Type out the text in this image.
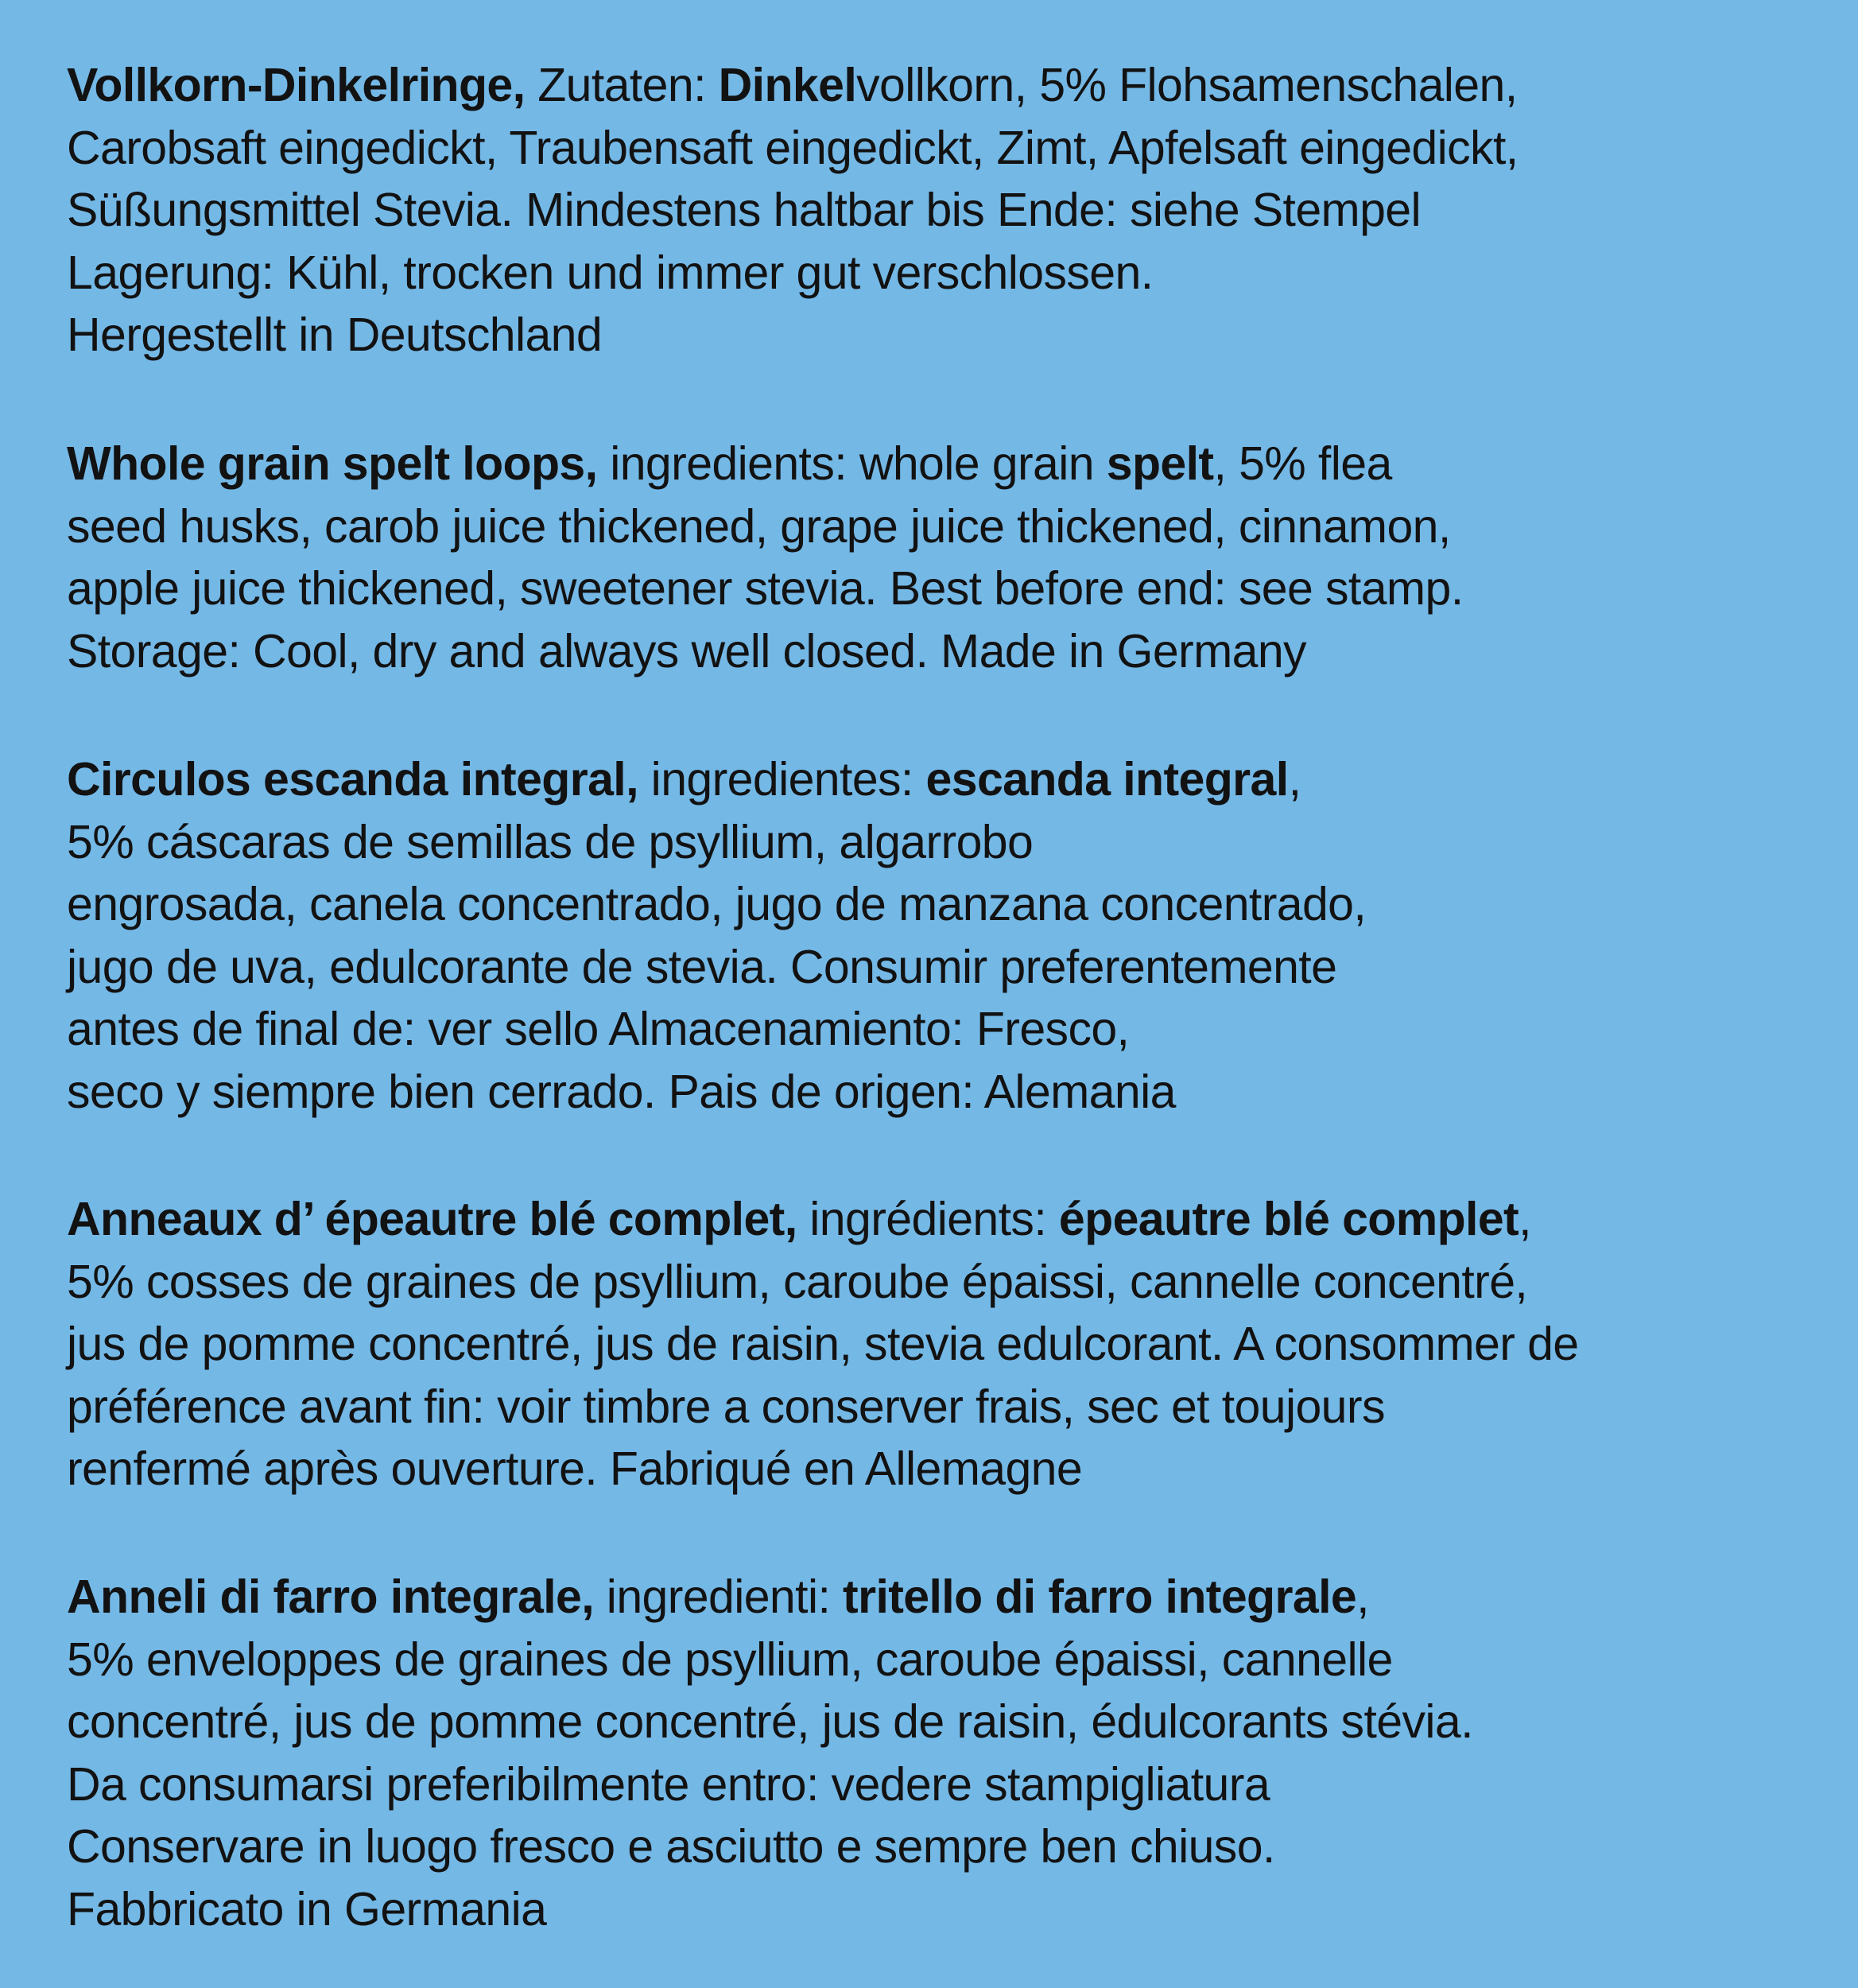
Vollkorn-Dinkelringe, Zutaten: Dinkelvollkorn, 5% Flohsamenschalen,
Carobsaft eingedickt, Traubensaft eingedickt, Zimt, Apfelsaft eingedickt,
Süßungsmittel Stevia. Mindestens haltbar bis Ende: siehe Stempel
Lagerung: Kühl, trocken und immer gut verschlossen.
Hergestellt in Deutschland
Whole grain spelt loops, ingredients: whole grain spelt, 5% flea
seed husks, carob juice thickened, grape juice thickened, cinnamon,
apple juice thickened, sweetener stevia. Best before end: see stamp.
Storage: Cool, dry and always well closed. Made in Germany
Circulos escanda integral, ingredientes: escanda integral,
5% cáscaras de semillas de psyllium, algarrobo
engrosada, canela concentrado, jugo de manzana concentrado,
jugo de uva, edulcorante de stevia. Consumir preferentemente
antes de final de: ver sello Almacenamiento: Fresco,
seco y siempre bien cerrado. Pais de origen: Alemania
Anneaux d’ épeautre blé complet, ingrédients: épeautre blé complet,
5% cosses de graines de psyllium, caroube épaissi, cannelle concentré,
jus de pomme concentré, jus de raisin, stevia edulcorant. A consommer de
préférence avant fin: voir timbre a conserver frais, sec et toujours
renfermé après ouverture. Fabriqué en Allemagne
Anneli di farro integrale, ingredienti: tritello di farro integrale,
5% enveloppes de graines de psyllium, caroube épaissi, cannelle
concentré, jus de pomme concentré, jus de raisin, édulcorants stévia.
Da consumarsi preferibilmente entro: vedere stampigliatura
Conservare in luogo fresco e asciutto e sempre ben chiuso.
Fabbricato in Germania
